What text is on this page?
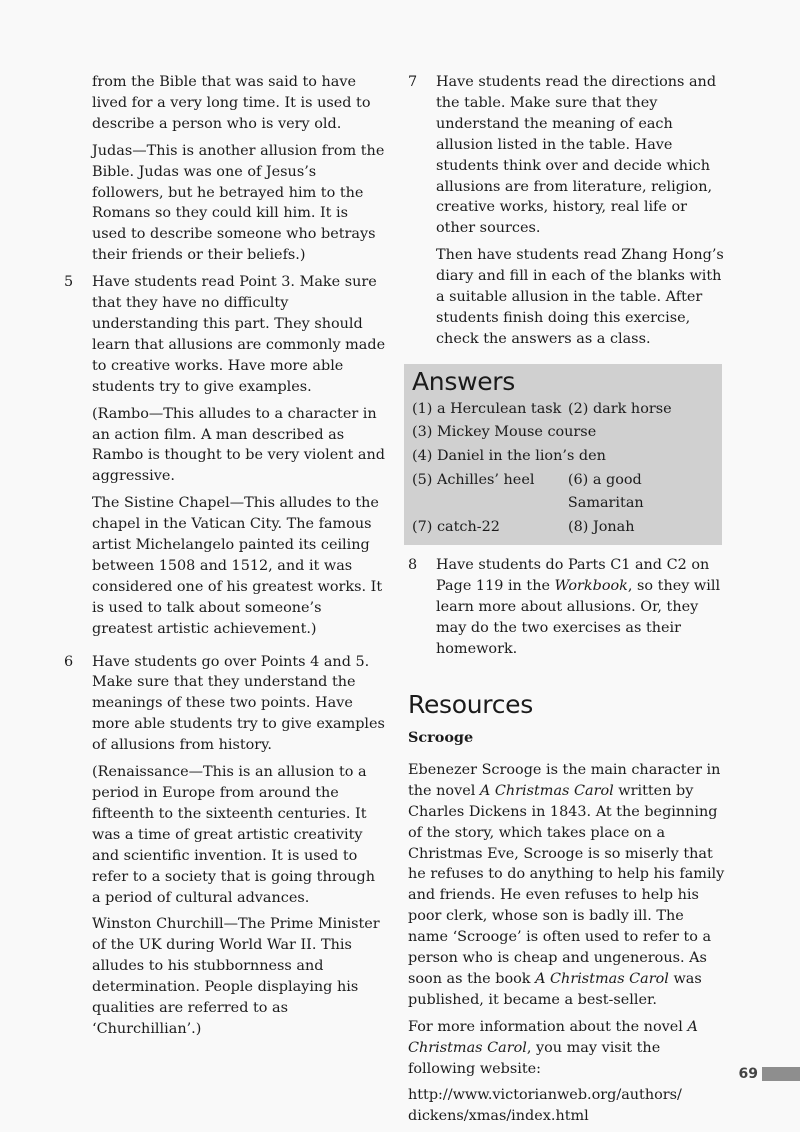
from the Bible that was said to have lived for a very long time. It is used to describe a person who is very old.

Judas—This is another allusion from the Bible. Judas was one of Jesus’s followers, but he betrayed him to the Romans so they could kill him. It is used to describe someone who betrays their friends or their beliefs.)

5	Have students read Point 3. Make sure that they have no difficulty understanding this part. They should learn that allusions are commonly made to creative works. Have more able students try to give examples.

(Rambo—This alludes to a character in an action film. A man described as Rambo is thought to be very violent and aggressive.

The Sistine Chapel—This alludes to the chapel in the Vatican City. The famous artist Michelangelo painted its ceiling between 1508 and 1512, and it was considered one of his greatest works. It is used to talk about someone’s greatest artistic achievement.)

6	Have students go over Points 4 and 5. Make sure that they understand the meanings of these two points. Have more able students try to give examples of allusions from history.

(Renaissance—This is an allusion to a period in Europe from around the fifteenth to the sixteenth centuries. It was a time of great artistic creativity and scientific invention. It is used to refer to a society that is going through a period of cultural advances.

Winston Churchill—The Prime Minister of the UK during World War II. This alludes to his stubbornness and determination. People displaying his qualities are referred to as ‘Churchillian’.)

7	Have students read the directions and the table. Make sure that they understand the meaning of each allusion listed in the table. Have students think over and decide which allusions are from literature, religion, creative works, history, real life or other sources.

Then have students read Zhang Hong’s diary and fill in each of the blanks with a suitable allusion in the table. After students finish doing this exercise, check the answers as a class.

Answers
(1) a Herculean task (2) dark horse
(3) Mickey Mouse course
(4) Daniel in the lion’s den
(5) Achilles’ heel	(6) a good Samaritan
(7) catch-22	(8) Jonah
8	Have students do Parts C1 and C2 on Page 119 in the Workbook, so they will learn more about allusions. Or, they may do the two exercises as their homework.

Resources
Scrooge

Ebenezer Scrooge is the main character in the novel A Christmas Carol written by Charles Dickens in 1843. At the beginning of the story, which takes place on a Christmas Eve, Scrooge is so miserly that he refuses to do anything to help his family and friends. He even refuses to help his poor clerk, whose son is badly ill. The name ‘Scrooge’ is often used to refer to a person who is cheap and ungenerous. As soon as the book A Christmas Carol was published, it became a best-seller.

For more information about the novel A Christmas Carol, you may visit the following website:

http://www.victorianweb.org/authors/
dickens/xmas/index.html

69
